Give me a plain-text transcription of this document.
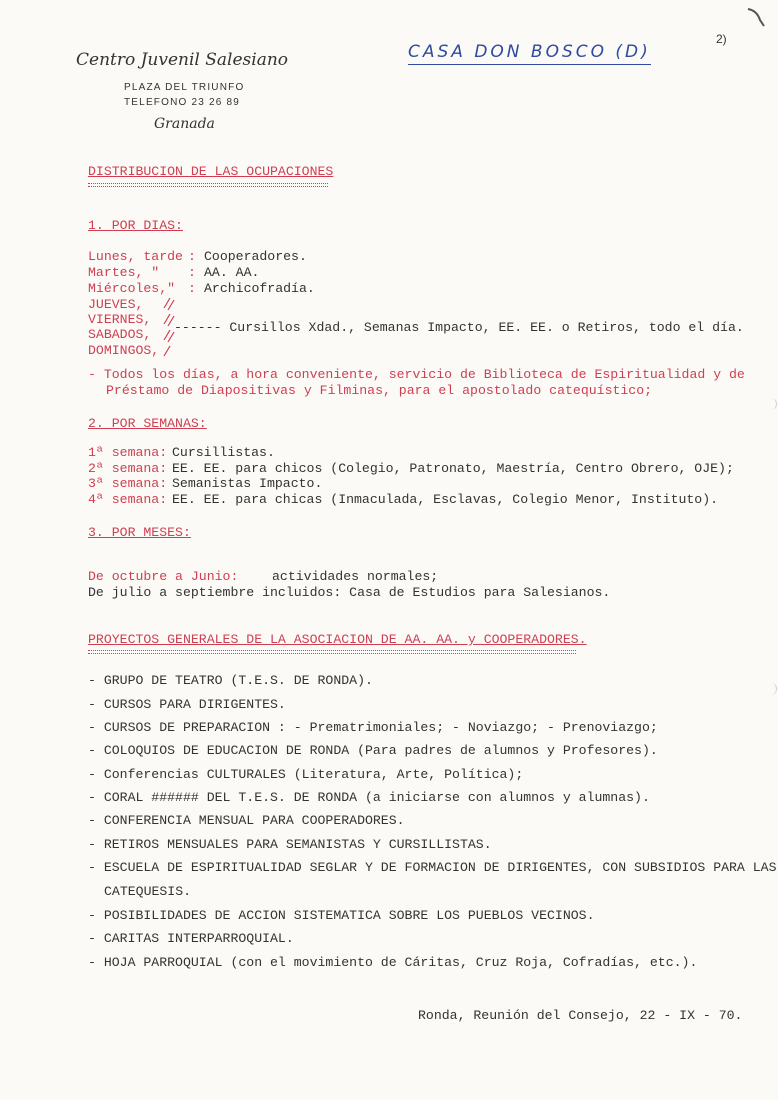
Centro Juvenil Salesiano
PLAZA DEL TRIUNFO
TELEFONO 23 26 89
Granada
CASA DON BOSCO (D)
2)
DISTRIBUCION DE LAS OCUPACIONES
1. POR DIAS:
Lunes, tarde : Cooperadores.
Martes, " : AA. AA.
Miércoles," : Archicofradía.
JUEVES,
VIERNES,
SABADOS,
DOMINGOS,
------ Cursillos Xdad., Semanas Impacto, EE. EE. o Retiros, todo el día.
- Todos los días, a hora conveniente, servicio de Biblioteca de Espiritualidad y de
Préstamo de Diapositivas y Filminas, para el apostolado catequístico;
2. POR SEMANAS:
1ª semana: Cursillistas.
2ª semana: EE. EE. para chicos (Colegio, Patronato, Maestría, Centro Obrero, OJE);
3ª semana: Semanistas Impacto.
4ª semana: EE. EE. para chicas (Inmaculada, Esclavas, Colegio Menor, Instituto).
3. POR MESES:
De octubre a Junio:	actividades normales;
De julio a septiembre incluidos: Casa de Estudios para Salesianos.
PROYECTOS GENERALES DE LA ASOCIACION DE AA. AA. y COOPERADORES.
- GRUPO DE TEATRO (T.E.S. DE RONDA).
- CURSOS PARA DIRIGENTES.
- CURSOS DE PREPARACION : - Prematrimoniales; - Noviazgo; - Prenoviazgo;
- COLOQUIOS DE EDUCACION DE RONDA (Para padres de alumnos y Profesores).
- Conferencias CULTURALES (Literatura, Arte, Política);
- CORAL ###### DEL T.E.S. DE RONDA (a iniciarse con alumnos y alumnas).
- CONFERENCIA MENSUAL PARA COOPERADORES.
- RETIROS MENSUALES PARA SEMANISTAS Y CURSILLISTAS.
- ESCUELA DE ESPIRITUALIDAD SEGLAR Y DE FORMACION DE DIRIGENTES, CON SUBSIDIOS PARA LAS
CATEQUESIS.
- POSIBILIDADES DE ACCION SISTEMATICA SOBRE LOS PUEBLOS VECINOS.
- CARITAS INTERPARROQUIAL.
- HOJA PARROQUIAL (con el movimiento de Cáritas, Cruz Roja, Cofradías, etc.).
Ronda, Reunión del Consejo, 22 - IX - 70.
